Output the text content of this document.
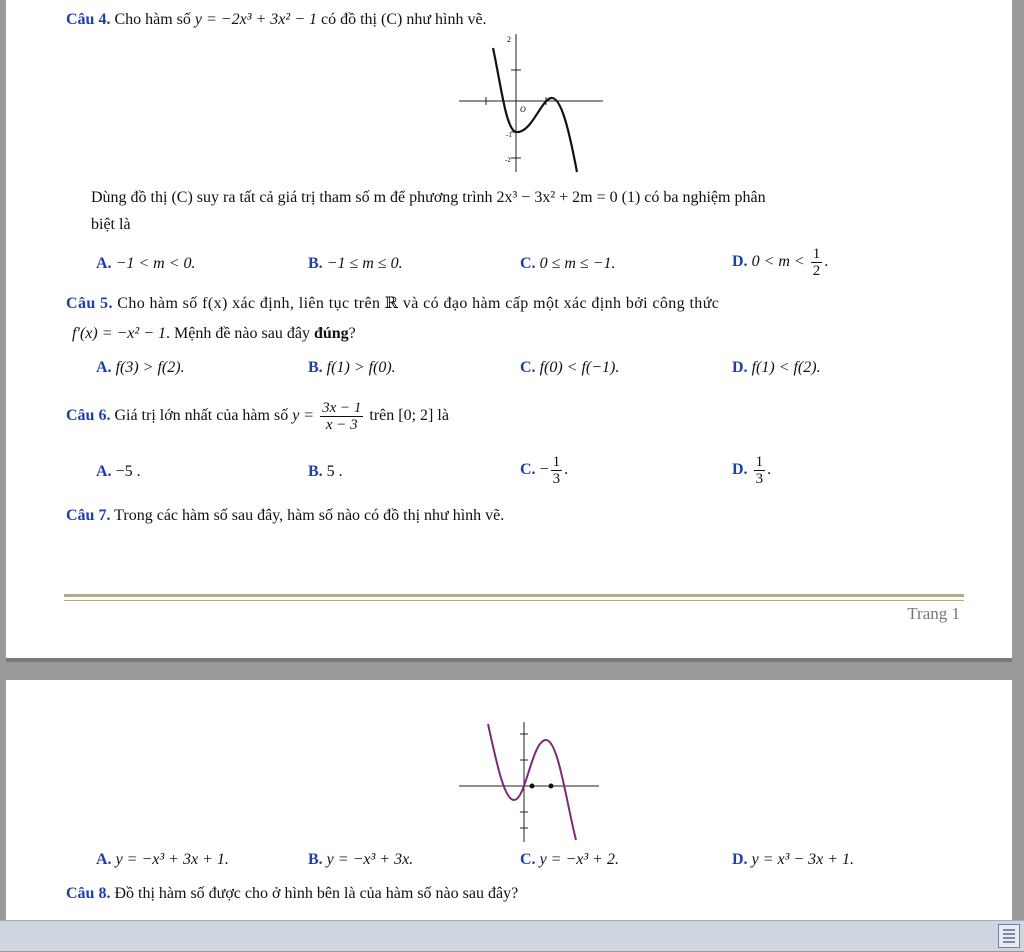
Câu 4. Cho hàm số y = −2x³ + 3x² − 1 có đồ thị (C) như hình vẽ.
2
O
-1
-2
Dùng đồ thị (C) suy ra tất cả giá trị tham số m để phương trình 2x³ − 3x² + 2m = 0 (1) có ba nghiệm phân
biệt là
A. −1 < m < 0.	B. −1 ≤ m ≤ 0.	C. 0 ≤ m ≤ −1.	D. $0 < m < \frac{1}{2}$ .
Câu 5. Cho hàm số f(x) xác định, liên tục trên ℝ và có đạo hàm cấp một xác định bởi công thức
f′(x) = −x² − 1. Mệnh đề nào sau đây đúng?
A. f(3) > f(2).	B. f(1) > f(0).	C. f(0) < f(−1).	D. f(1) < f(2).
Câu 6. Giá trị lớn nhất của hàm số $y = \frac{3x - 1}{x - 3}$ trên [0; 2] là
A. −5 .	B. 5 .	C. − $\frac{1}{3}$ .	D. $\frac{1}{3}$ .
Câu 7. Trong các hàm số sau đây, hàm số nào có đồ thị như hình vẽ.
Trang 1
A. y = −x³ + 3x + 1.	B. y = −x³ + 3x.	C. y = −x³ + 2.	D. y = x³ − 3x + 1.
Câu 8. Đồ thị hàm số được cho ở hình bên là của hàm số nào sau đây?
